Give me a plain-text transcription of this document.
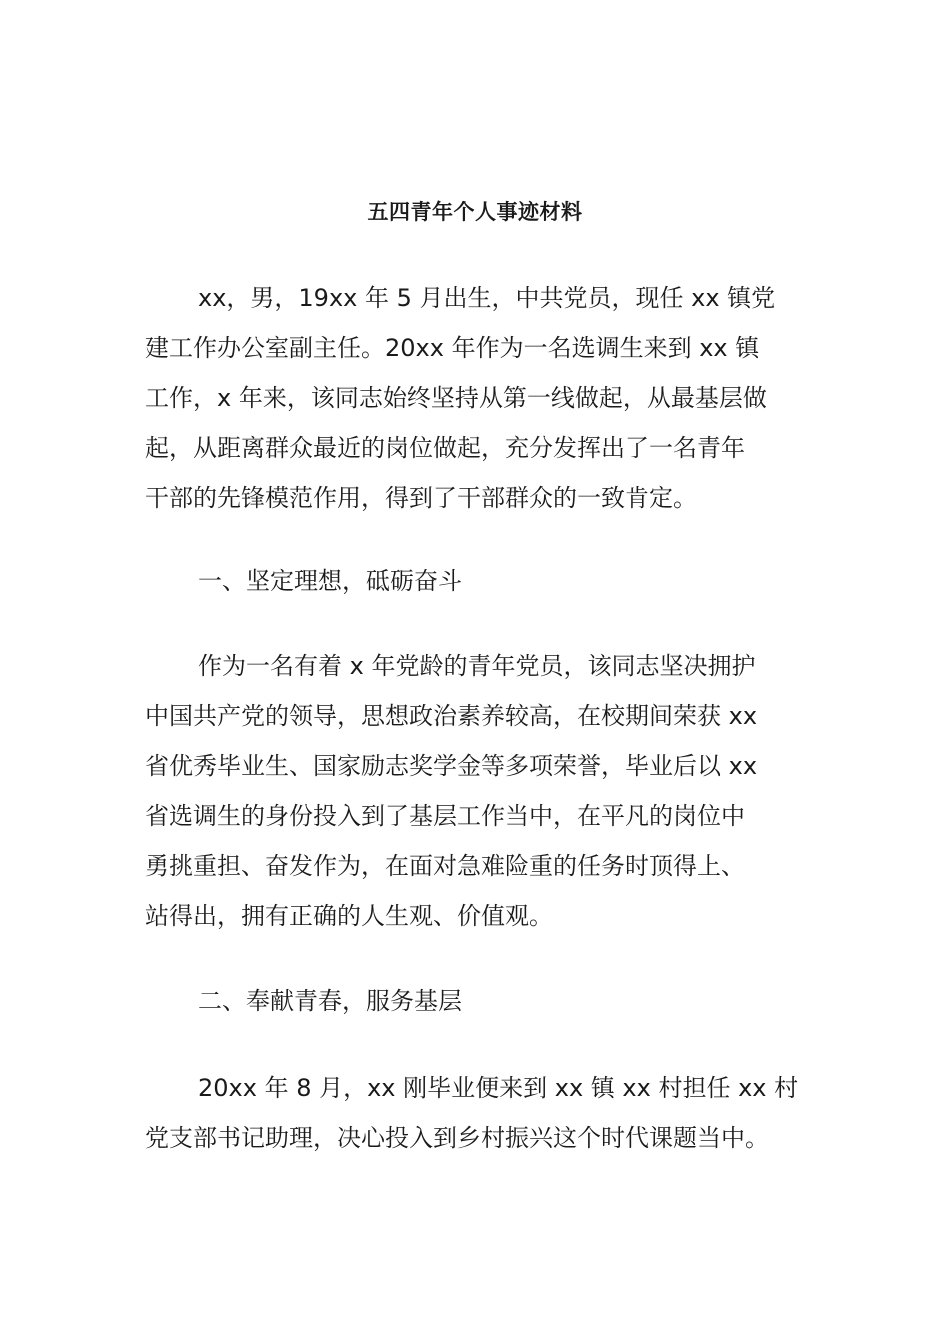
五四青年个人事迹材料
xx，男，19xx 年 5 月出生，中共党员，现任 xx 镇党
建工作办公室副主任。20xx 年作为一名选调生来到 xx 镇
工作，x 年来，该同志始终坚持从第一线做起，从最基层做
起，从距离群众最近的岗位做起，充分发挥出了一名青年
干部的先锋模范作用，得到了干部群众的一致肯定。
一、坚定理想，砥砺奋斗
作为一名有着 x 年党龄的青年党员，该同志坚决拥护
中国共产党的领导，思想政治素养较高，在校期间荣获 xx
省优秀毕业生、国家励志奖学金等多项荣誉，毕业后以 xx
省选调生的身份投入到了基层工作当中，在平凡的岗位中
勇挑重担、奋发作为，在面对急难险重的任务时顶得上、
站得出，拥有正确的人生观、价值观。
二、奉献青春，服务基层
20xx 年 8 月，xx 刚毕业便来到 xx 镇 xx 村担任 xx 村
党支部书记助理，决心投入到乡村振兴这个时代课题当中。
